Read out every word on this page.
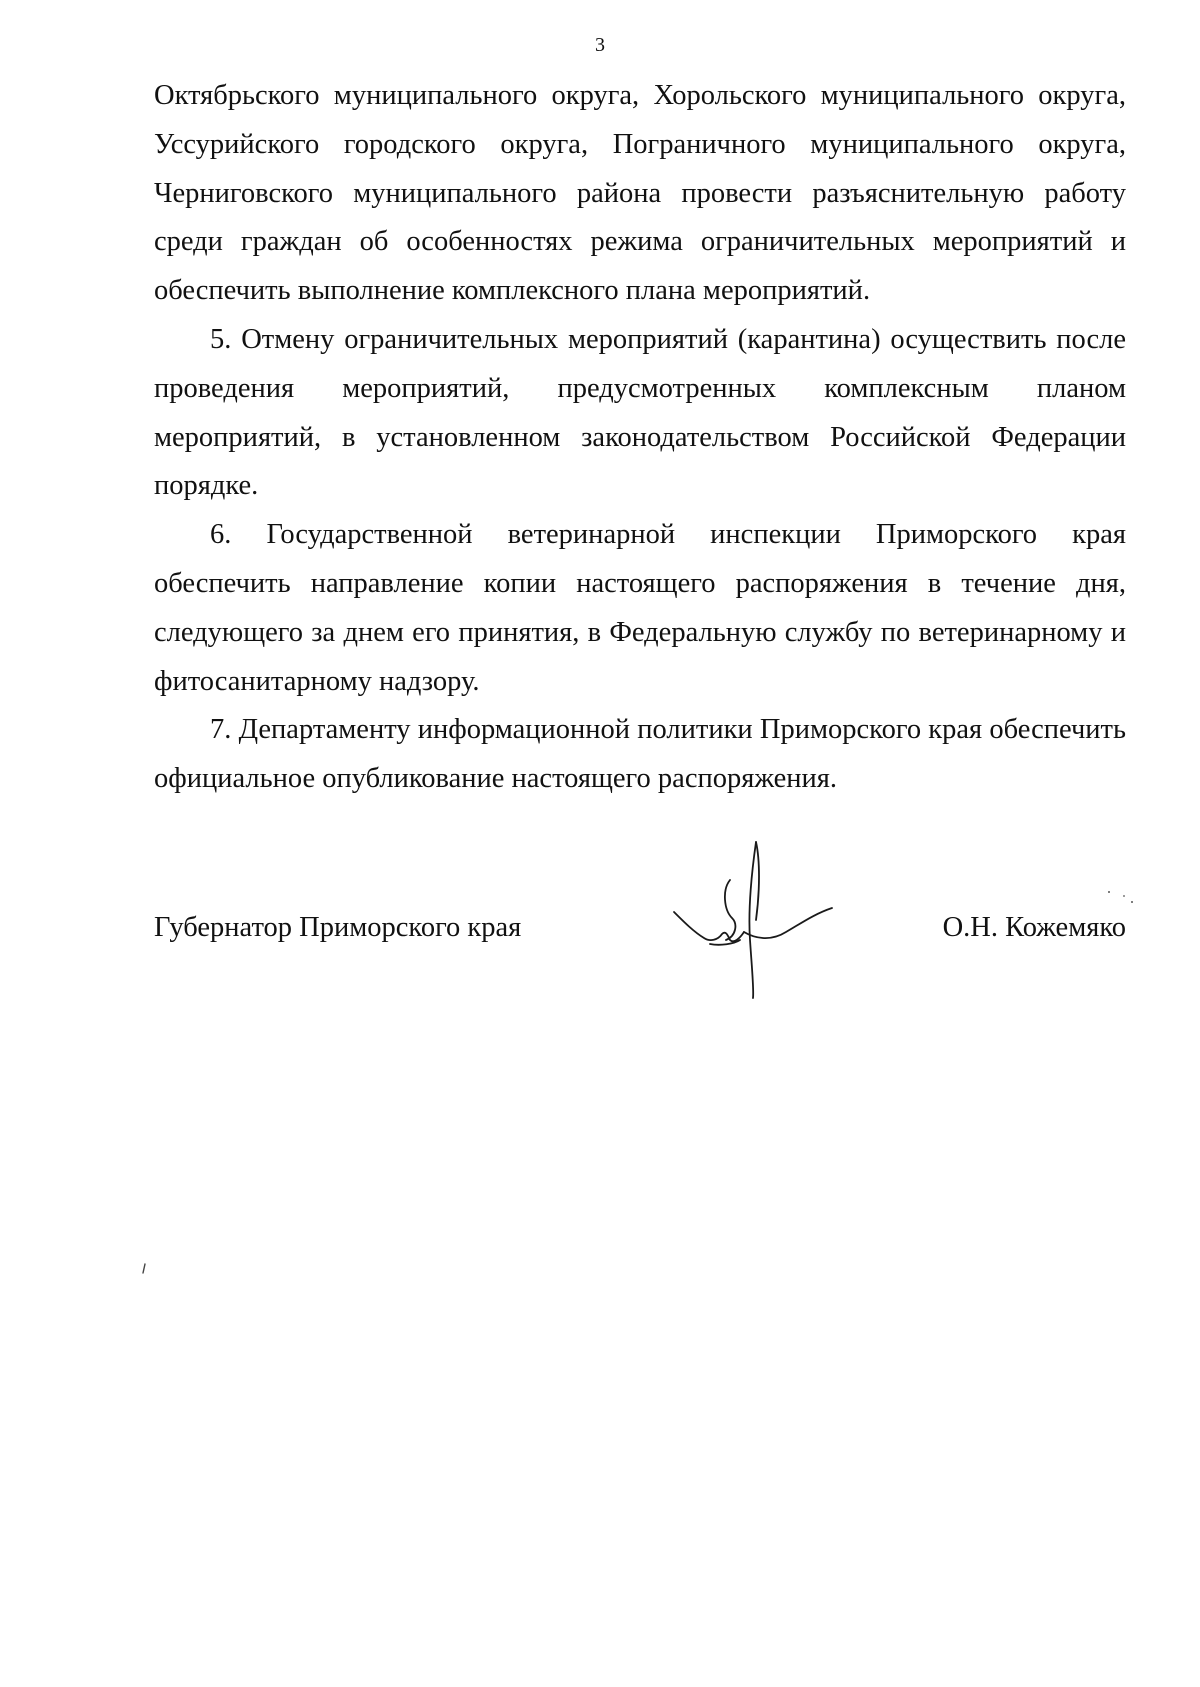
3

Октябрьского муниципального округа, Хорольского муниципального округа, Уссурийского городского округа, Пограничного муниципального округа, Черниговского муниципального района провести разъяснительную работу среди граждан об особенностях режима ограничительных мероприятий и обеспечить выполнение комплексного плана мероприятий.

5. Отмену ограничительных мероприятий (карантина) осуществить после проведения мероприятий, предусмотренных комплексным планом мероприятий, в установленном законодательством Российской Федерации порядке.

6. Государственной ветеринарной инспекции Приморского края обеспечить направление копии настоящего распоряжения в течение дня, следующего за днем его принятия, в Федеральную службу по ветеринарному и фитосанитарному надзору.

7. Департаменту информационной политики Приморского края обеспечить официальное опубликование настоящего распоряжения.

Губернатор Приморского края	О.Н. Кожемяко
